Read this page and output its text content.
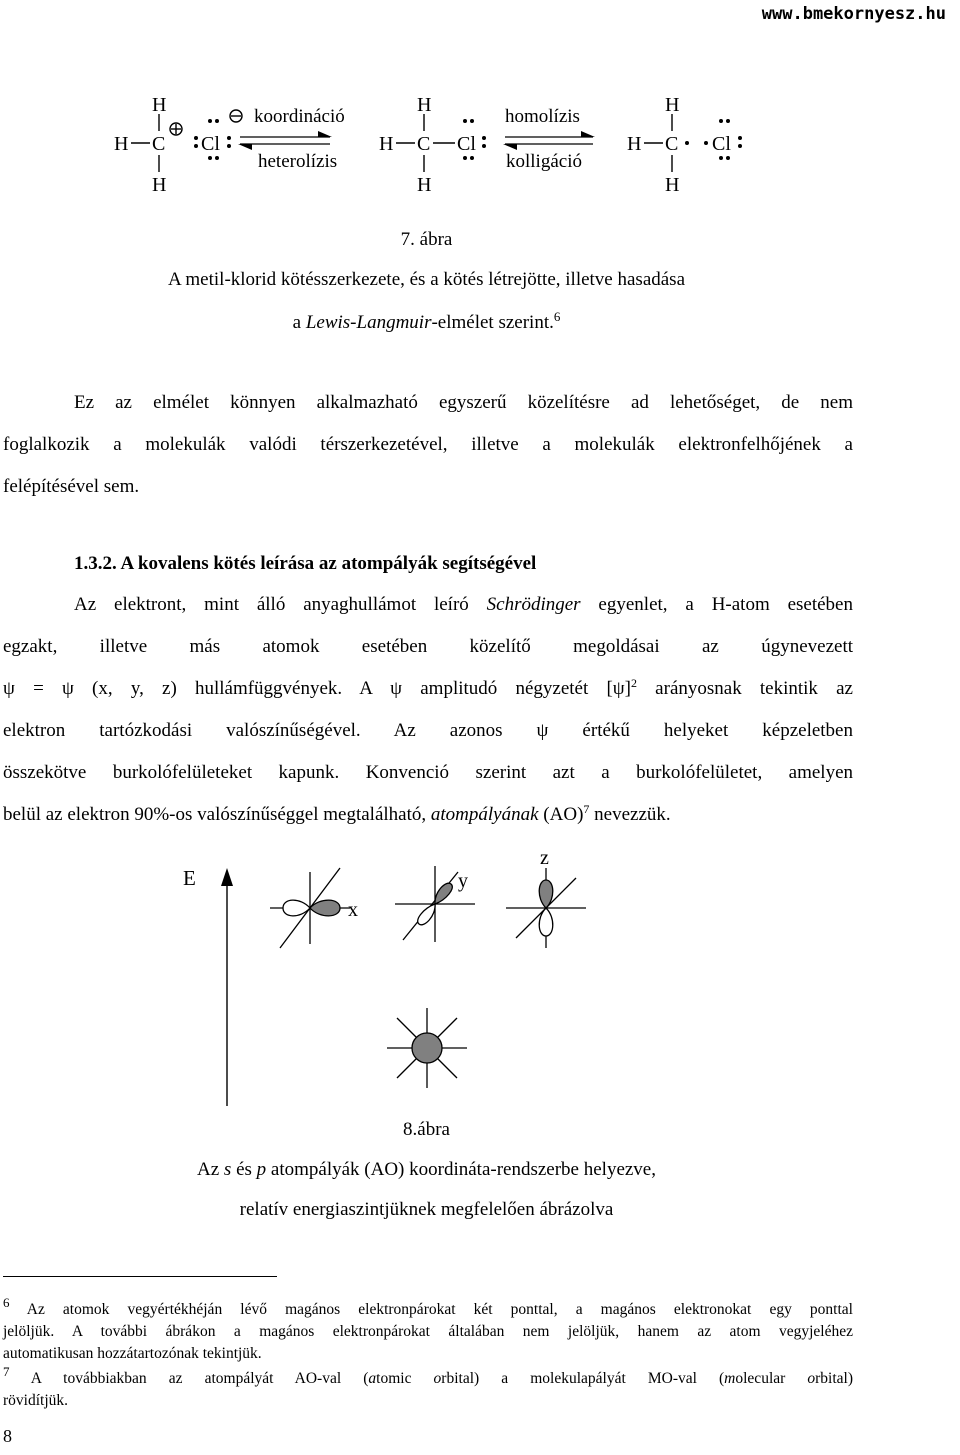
www.bmekornyesz.hu
H
H C
H
Cl
H
H C
H
Cl
H
H C
H
Cl
koordináció
heterolízis
homolízis
kolligáció
7. ábra
A metil-klorid kötésszerkezete, és a kötés létrejötte, illetve hasadása
a Lewis-Langmuir-elmélet szerint.$^6$
Ez az elmélet könnyen alkalmazható egyszerű közelítésre ad lehetőséget, de nem
foglalkozik a molekulák valódi térszerkezetével, illetve a molekulák elektronfelhőjének a
felépítésével sem.
1.3.2. A kovalens kötés leírása az atompályák segítségével
Az elektront, mint álló anyaghullámot leíró Schrödinger egyenlet, a H-atom esetében
egzakt, illetve más atomok esetében közelítő megoldásai az úgynevezett
ψ = ψ (x, y, z) hullámfüggvények. A ψ amplitudó négyzetét $[\psi]^2$ arányosnak tekintik az
elektron tartózkodási valószínűségével. Az azonos ψ értékű helyeket képzeletben
összekötve burkolófelületeket kapunk. Konvenció szerint azt a burkolófelületet, amelyen
belül az elektron 90%-os valószínűséggel megtalálható, atompályának (AO)$^7$ nevezzük.
E
x
y
z
8.ábra
Az s és p atompályák (AO) koordináta-rendszerbe helyezve,
relatív energiaszintjüknek megfelelően ábrázolva
$^6$ Az atomok vegyértékhéján lévő magános elektronpárokat két ponttal, a magános elektronokat egy ponttal
jelöljük. A további ábrákon a magános elektronpárokat általában nem jelöljük, hanem az atom vegyjeléhez
automatikusan hozzátartozónak tekintjük.
$^7$ A továbbiakban az atompályát AO-val (atomic orbital) a molekulapályát MO-val (molecular orbital)
rövidítjük.
8
